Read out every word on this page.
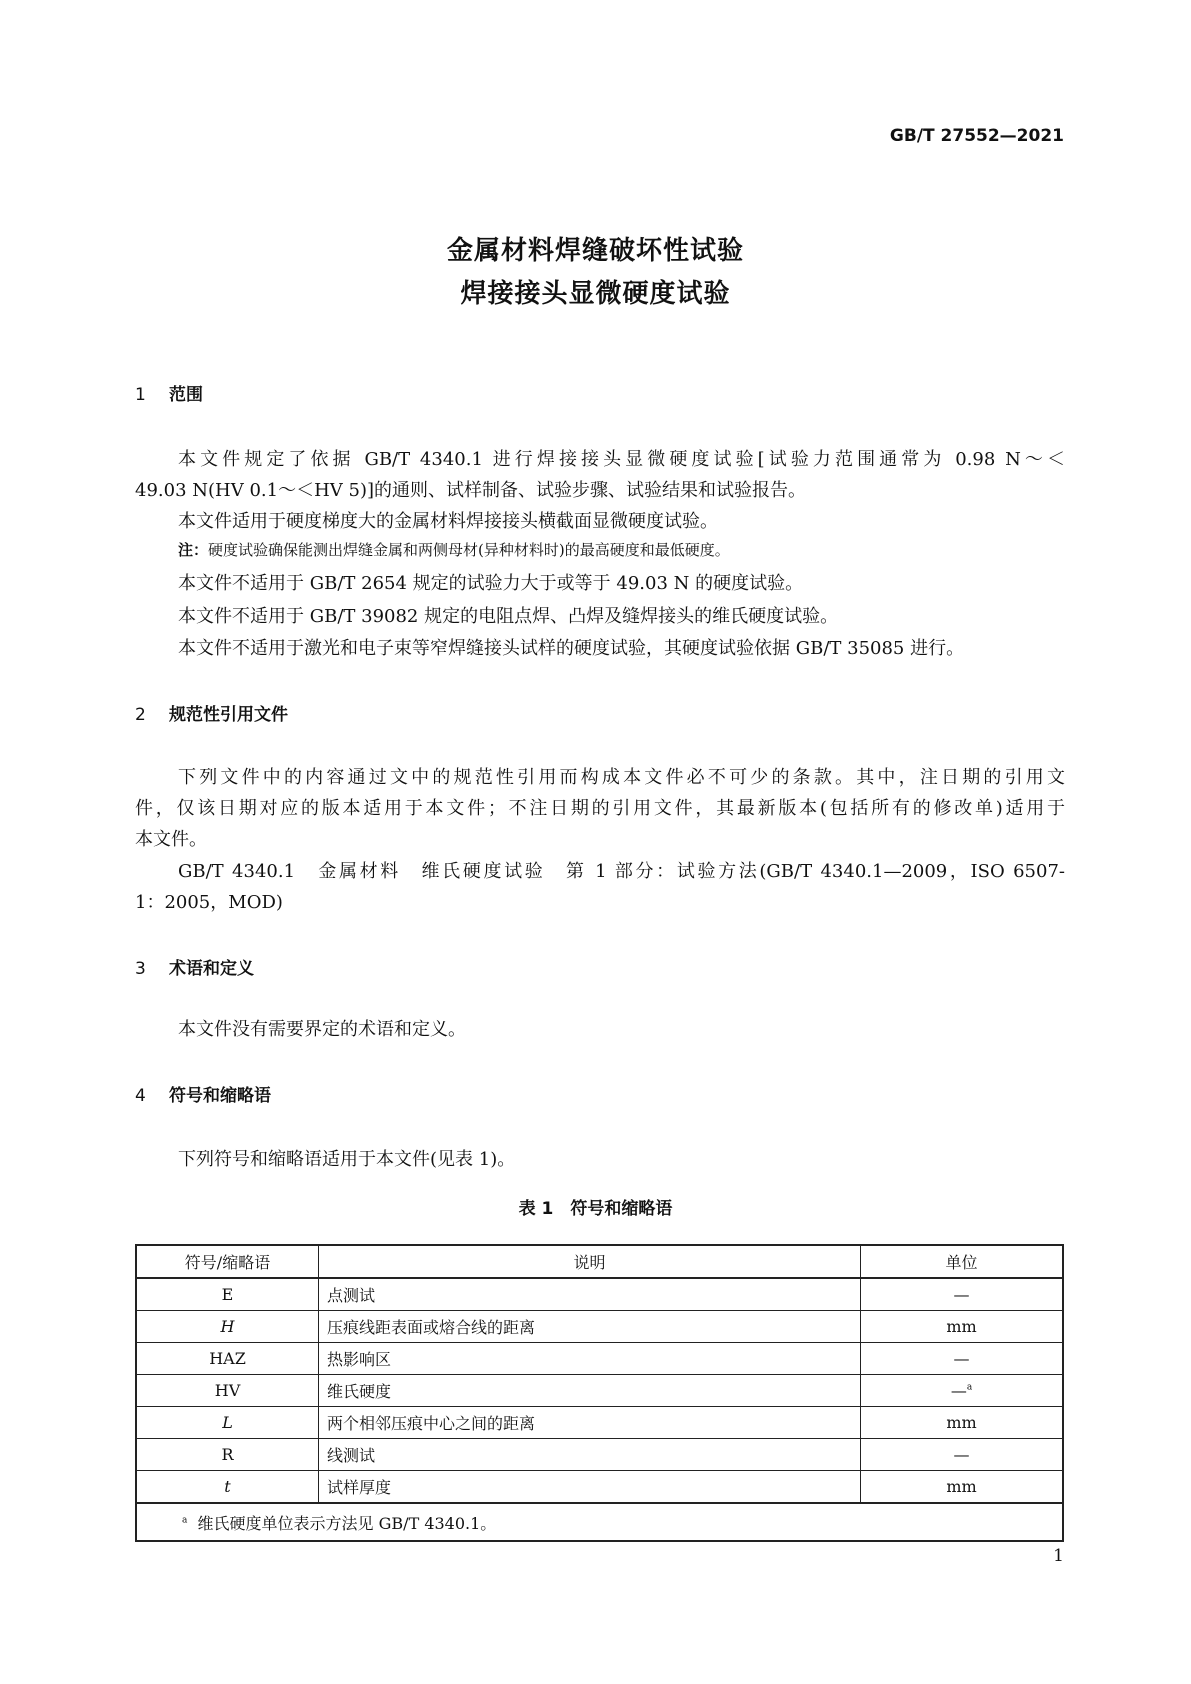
GB/T 27552—2021
金属材料焊缝破坏性试验
焊接接头显微硬度试验
1 范围
本文件规定了依据 GB/T 4340.1 进行焊接接头显微硬度试验[试验力范围通常为 0.98 N～＜
49.03 N(HV 0.1～＜HV 5)]的通则、试样制备、试验步骤、试验结果和试验报告。
本文件适用于硬度梯度大的金属材料焊接接头横截面显微硬度试验。
注：硬度试验确保能测出焊缝金属和两侧母材(异种材料时)的最高硬度和最低硬度。
本文件不适用于 GB/T 2654 规定的试验力大于或等于 49.03 N 的硬度试验。
本文件不适用于 GB/T 39082 规定的电阻点焊、凸焊及缝焊接头的维氏硬度试验。
本文件不适用于激光和电子束等窄焊缝接头试样的硬度试验，其硬度试验依据 GB/T 35085 进行。
2 规范性引用文件
下列文件中的内容通过文中的规范性引用而构成本文件必不可少的条款。其中，注日期的引用文
件，仅该日期对应的版本适用于本文件；不注日期的引用文件，其最新版本(包括所有的修改单)适用于
本文件。
GB/T 4340.1　金属材料　维氏硬度试验　第 1 部分：试验方法(GB/T 4340.1—2009，ISO 6507-
1：2005，MOD)
3 术语和定义
本文件没有需要界定的术语和定义。
4 符号和缩略语
下列符号和缩略语适用于本文件(见表 1)。
表 1　符号和缩略语
符号/缩略语	说明	单位
E	点测试	—
H	压痕线距表面或熔合线的距离	mm
HAZ	热影响区	—
HV	维氏硬度	—$^a$
L	两个相邻压痕中心之间的距离	mm
R	线测试	—
t	试样厚度	mm
$^a$ 维氏硬度单位表示方法见 GB/T 4340.1。		
1
